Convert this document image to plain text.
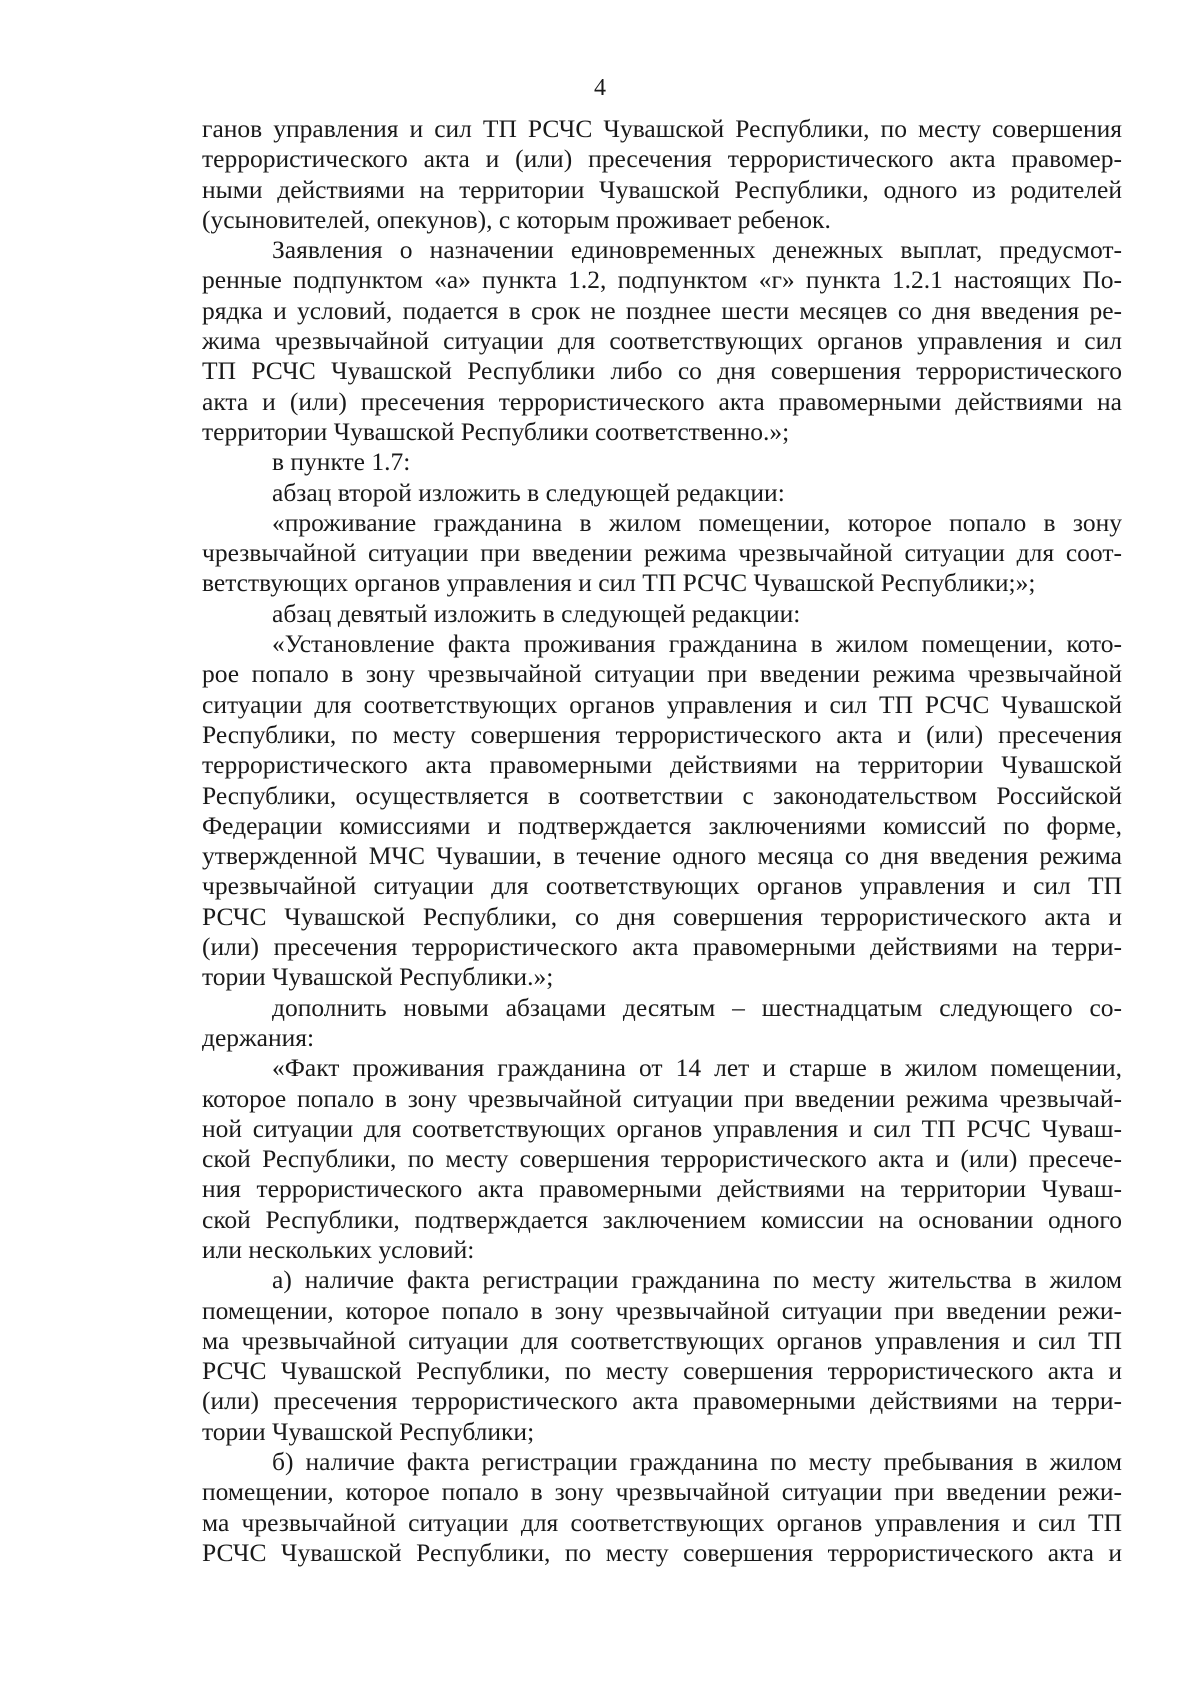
4
ганов управления и сил ТП РСЧС Чувашской Республики, по месту совершения
террористического акта и (или) пресечения террористического акта правомер-
ными действиями на территории Чувашской Республики, одного из родителей
(усыновителей, опекунов), с которым проживает ребенок.
Заявления о назначении единовременных денежных выплат, предусмот-
ренные подпунктом «а» пункта 1.2, подпунктом «г» пункта 1.2.1 настоящих По-
рядка и условий, подается в срок не позднее шести месяцев со дня введения ре-
жима чрезвычайной ситуации для соответствующих органов управления и сил
ТП РСЧС Чувашской Республики либо со дня совершения террористического
акта и (или) пресечения террористического акта правомерными действиями на
территории Чувашской Республики соответственно.»;
в пункте 1.7:
абзац второй изложить в следующей редакции:
«проживание гражданина в жилом помещении, которое попало в зону
чрезвычайной ситуации при введении режима чрезвычайной ситуации для соот-
ветствующих органов управления и сил ТП РСЧС Чувашской Республики;»;
абзац девятый изложить в следующей редакции:
«Установление факта проживания гражданина в жилом помещении, кото-
рое попало в зону чрезвычайной ситуации при введении режима чрезвычайной
ситуации для соответствующих органов управления и сил ТП РСЧС Чувашской
Республики, по месту совершения террористического акта и (или) пресечения
террористического акта правомерными действиями на территории Чувашской
Республики, осуществляется в соответствии с законодательством Российской
Федерации комиссиями и подтверждается заключениями комиссий по форме,
утвержденной МЧС Чувашии, в течение одного месяца со дня введения режима
чрезвычайной ситуации для соответствующих органов управления и сил ТП
РСЧС Чувашской Республики, со дня совершения террористического акта и
(или) пресечения террористического акта правомерными действиями на терри-
тории Чувашской Республики.»;
дополнить новыми абзацами десятым – шестнадцатым следующего со-
держания:
«Факт проживания гражданина от 14 лет и старше в жилом помещении,
которое попало в зону чрезвычайной ситуации при введении режима чрезвычай-
ной ситуации для соответствующих органов управления и сил ТП РСЧС Чуваш-
ской Республики, по месту совершения террористического акта и (или) пресече-
ния террористического акта правомерными действиями на территории Чуваш-
ской Республики, подтверждается заключением комиссии на основании одного
или нескольких условий:
а) наличие факта регистрации гражданина по месту жительства в жилом
помещении, которое попало в зону чрезвычайной ситуации при введении режи-
ма чрезвычайной ситуации для соответствующих органов управления и сил ТП
РСЧС Чувашской Республики, по месту совершения террористического акта и
(или) пресечения террористического акта правомерными действиями на терри-
тории Чувашской Республики;
б) наличие факта регистрации гражданина по месту пребывания в жилом
помещении, которое попало в зону чрезвычайной ситуации при введении режи-
ма чрезвычайной ситуации для соответствующих органов управления и сил ТП
РСЧС Чувашской Республики, по месту совершения террористического акта и
